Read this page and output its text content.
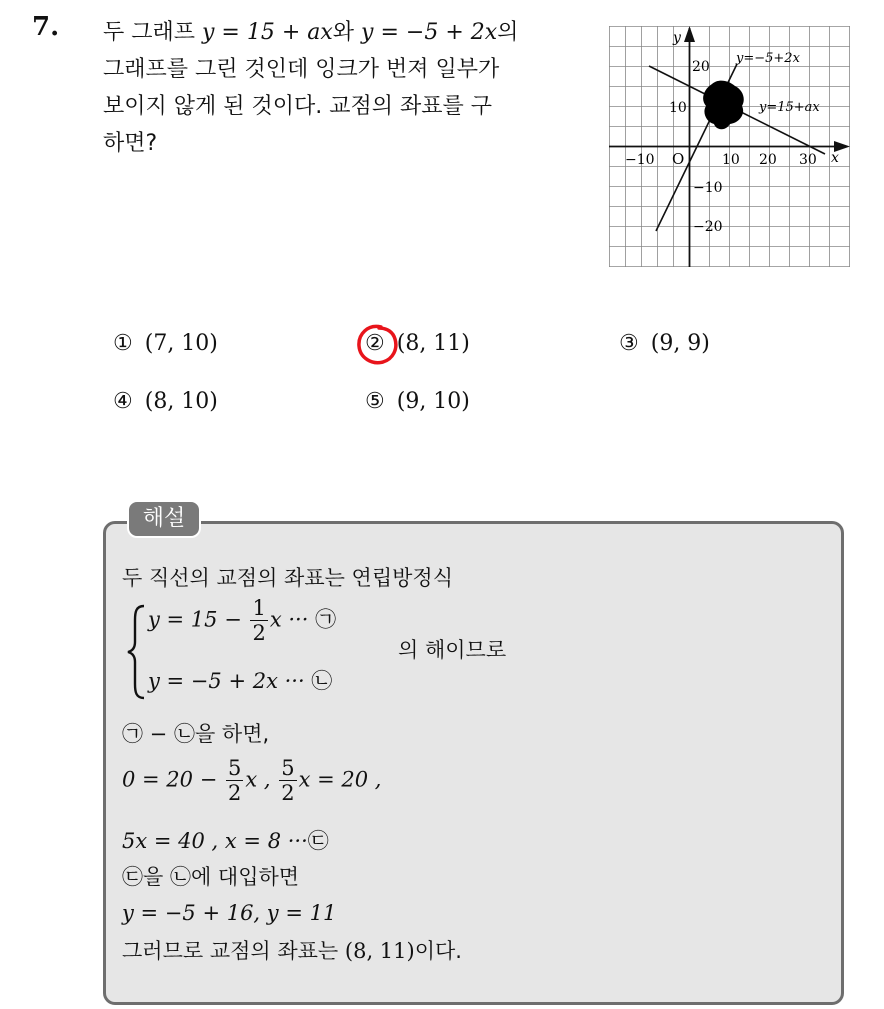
7. 두 그래프 y = 15 + ax와 y = −5 + 2x의
그래프를 그린 것인데 잉크가 번져 일부가
보이지 않게 된 것이다. 교점의 좌표를 구
하면?
y
x
O
−10	10 20 30
20
10
−10
−20
y=−5+2x
y=15+ax
① (7, 10)	② (8, 11)	③ (9, 9)
④ (8, 10)	⑤ (9, 10)
해설
두 직선의 교점의 좌표는 연립방정식
$y = 15 - \frac{1}{2}$ x ··· ㉠
y = −5 + 2x ··· ㉡
의 해이므로
㉠ − ㉡을 하면,
$0 = 20 - \frac{5}{2}$ x , $\frac{5}{2}$ x = 20 ,
5x = 40 , x = 8 ···㉢
㉢을 ㉡에 대입하면
y = −5 + 16, y = 11
그러므로 교점의 좌표는 (8, 11)이다.
